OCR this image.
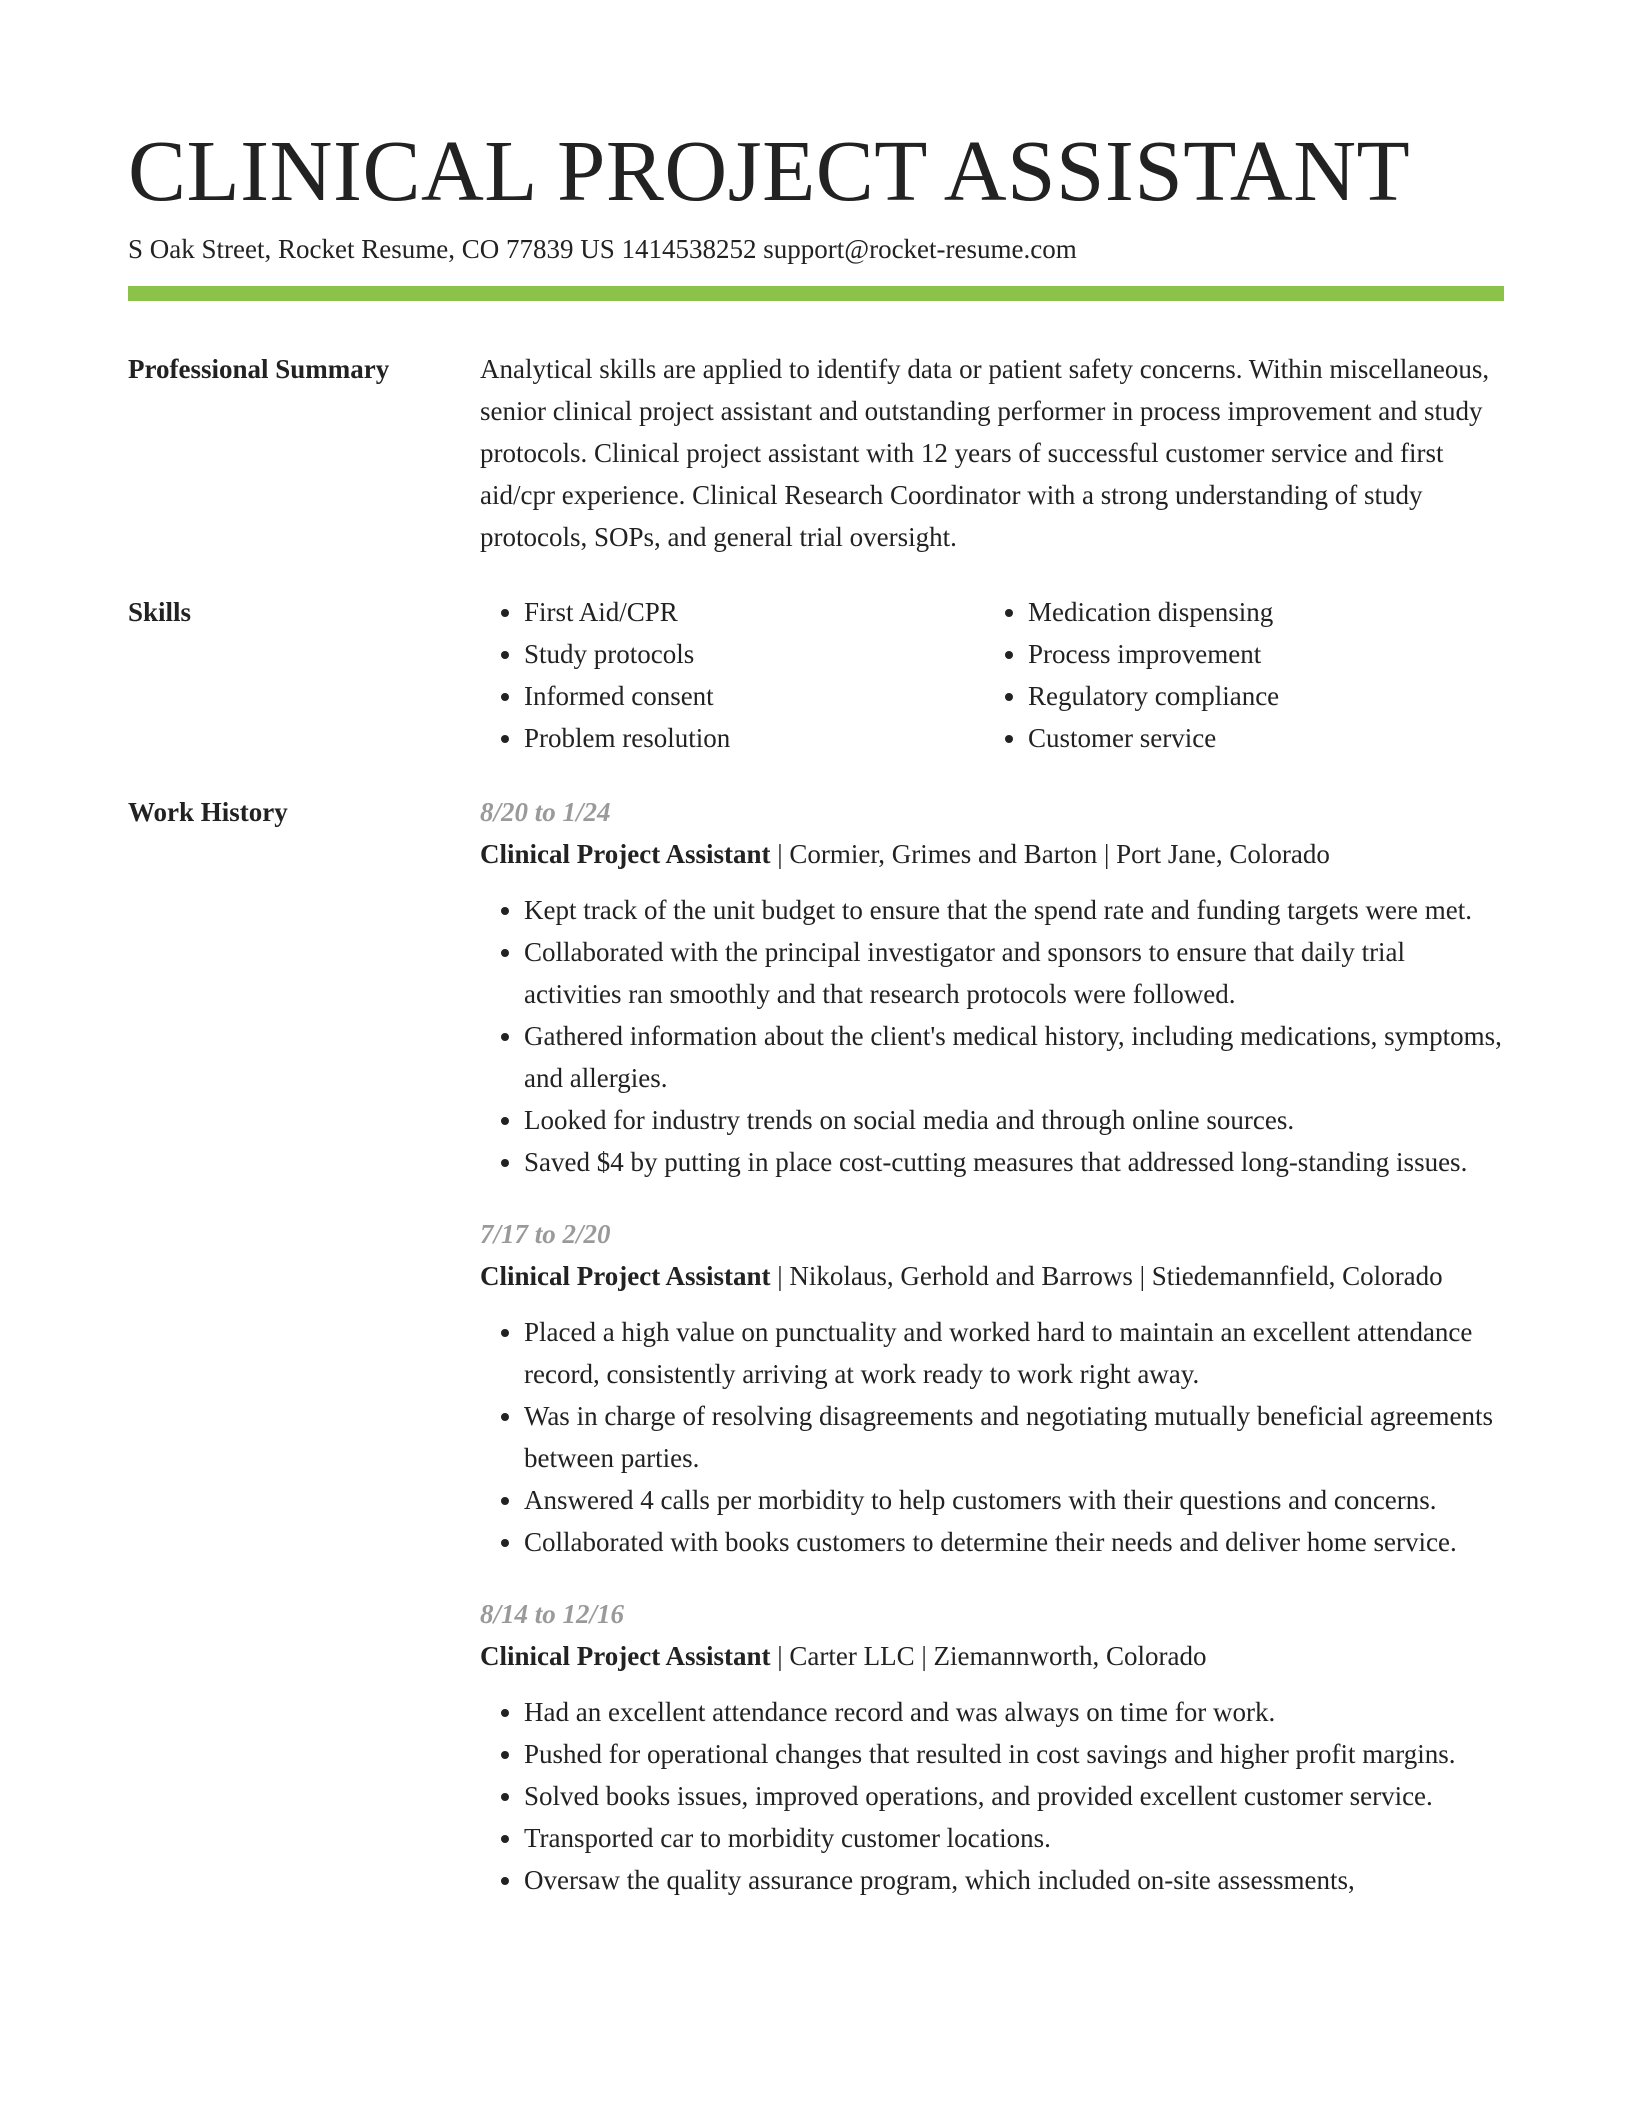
CLINICAL PROJECT ASSISTANT
S Oak Street, Rocket Resume, CO 77839 US 1414538252 support@rocket-resume.com
Professional Summary	Analytical skills are applied to identify data or patient safety concerns. Within miscellaneous, senior clinical project assistant and outstanding performer in process improvement and study protocols. Clinical project assistant with 12 years of successful customer service and first aid/cpr experience. Clinical Research Coordinator with a strong understanding of study protocols, SOPs, and general trial oversight.

Skills
•	First Aid/CPR
• Study protocols
• Informed consent
• Problem resolution
• Medication dispensing
• Process improvement
• Regulatory compliance
• Customer service
Work History	8/20 to 1/24
Clinical Project Assistant | Cormier, Grimes and Barton | Port Jane, Colorado
• Kept track of the unit budget to ensure that the spend rate and funding targets were met.
• Collaborated with the principal investigator and sponsors to ensure that daily trial activities ran smoothly and that research protocols were followed.
• Gathered information about the client's medical history, including medications, symptoms, and allergies.
• Looked for industry trends on social media and through online sources.
• Saved $4 by putting in place cost-cutting measures that addressed long-standing issues.
7/17 to 2/20
Clinical Project Assistant | Nikolaus, Gerhold and Barrows | Stiedemannfield, Colorado
• Placed a high value on punctuality and worked hard to maintain an excellent attendance record, consistently arriving at work ready to work right away.
• Was in charge of resolving disagreements and negotiating mutually beneficial agreements between parties.
• Answered 4 calls per morbidity to help customers with their questions and concerns.
• Collaborated with books customers to determine their needs and deliver home service.
8/14 to 12/16
Clinical Project Assistant | Carter LLC | Ziemannworth, Colorado
• Had an excellent attendance record and was always on time for work.
• Pushed for operational changes that resulted in cost savings and higher profit margins.
• Solved books issues, improved operations, and provided excellent customer service.
• Transported car to morbidity customer locations.
• Oversaw the quality assurance program, which included on-site assessments,
